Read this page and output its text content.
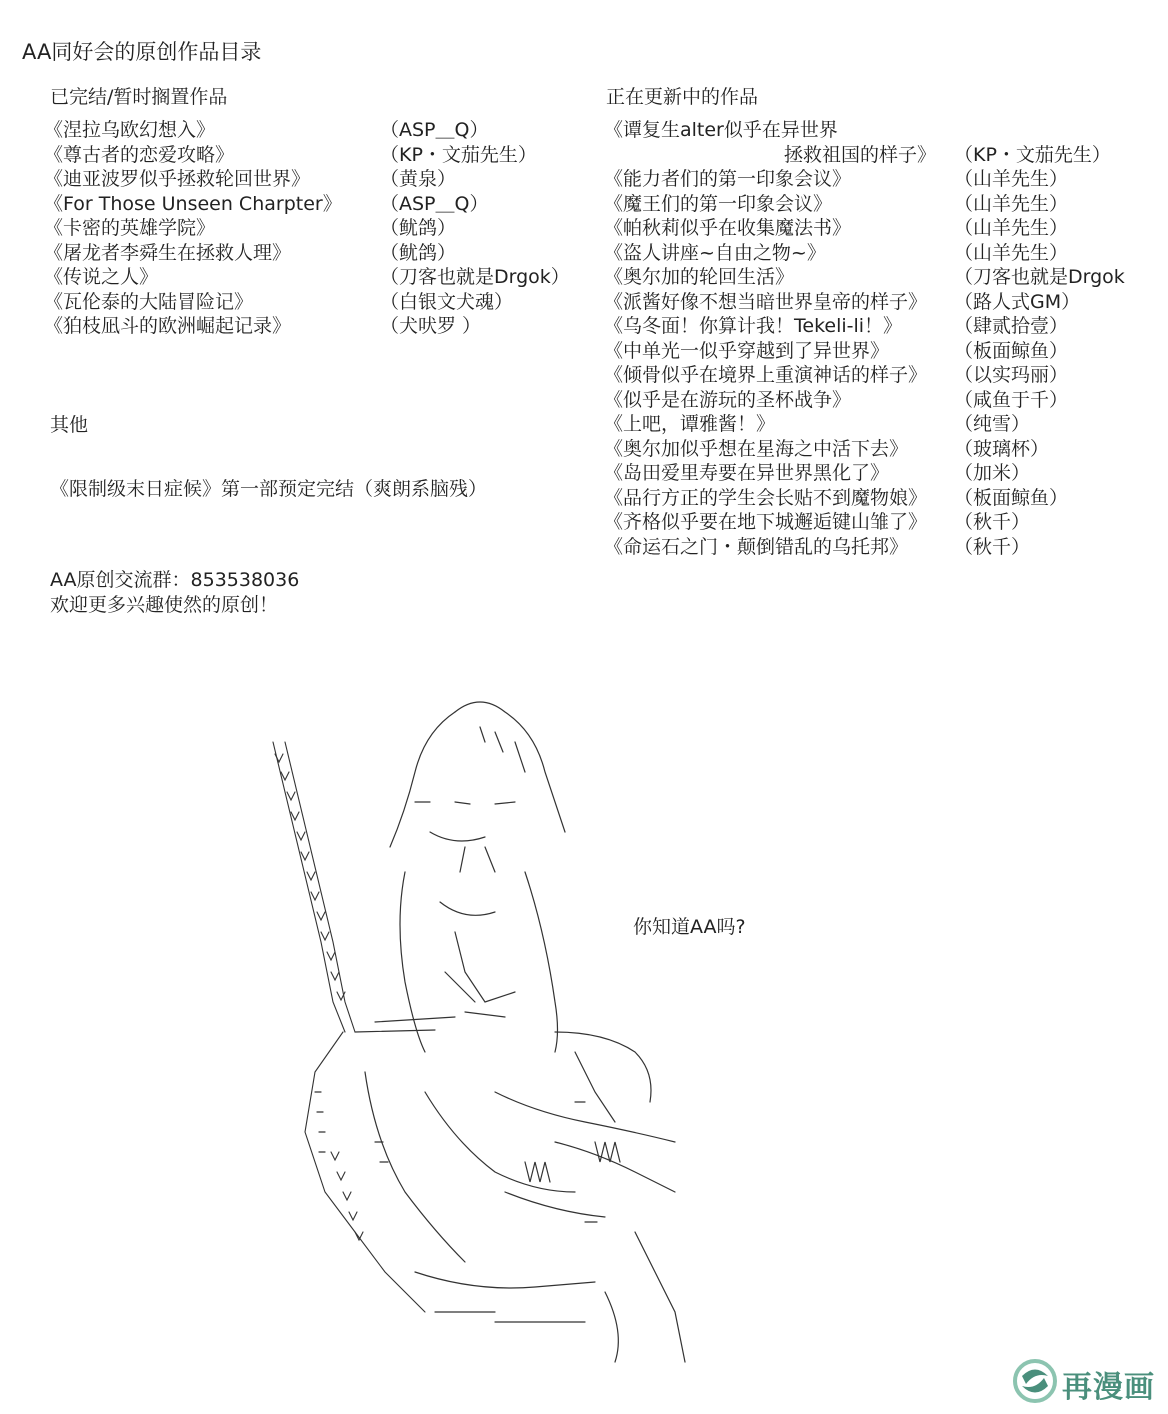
AA同好会的原创作品目录
已完结/暂时搁置作品
《涅拉乌欧幻想入》	（ASP＿Q）
《尊古者的恋爱攻略》	（KP・文茄先生）
《迪亚波罗似乎拯救轮回世界》	（黄泉）
《For Those Unseen Charpter》 （ASP＿Q）
《卡密的英雄学院》	（鱿鸽）
《屠龙者李舜生在拯救人理》	（鱿鸽）
《传说之人》	（刀客也就是Drgok）
《瓦伦泰的大陆冒险记》	（白银文犬魂）
《狛枝凪斗的欧洲崛起记录》	（犬吠罗 ）
正在更新中的作品
《谭复生alter似乎在异世界
拯救祖国的样子》 （KP・文茄先生）
《能力者们的第一印象会议》	（山羊先生）
《魔王们的第一印象会议》	（山羊先生）
《帕秋莉似乎在收集魔法书》	（山羊先生）
《盗人讲座~自由之物~》	（山羊先生）
《奥尔加的轮回生活》	（刀客也就是Drgok
《派酱好像不想当暗世界皇帝的样子》 （路人式GM）
《乌冬面！你算计我！Tekeli-li！》	（肆贰拾壹）
《中单光一似乎穿越到了异世界》	（板面鲸鱼）
《倾骨似乎在境界上重演神话的样子》 （以实玛丽）
《似乎是在游玩的圣杯战争》	（咸鱼于千）
《上吧，谭雅酱！》	（纯雪）
《奥尔加似乎想在星海之中活下去》 （玻璃杯）
《岛田爱里寿要在异世界黑化了》	（加米）
《品行方正的学生会长贴不到魔物娘》 （板面鲸鱼）
《齐格似乎要在地下城邂逅键山雏了》 （秋千）
《命运石之门・颠倒错乱的乌托邦》 （秋千）
其他
《限制级末日症候》第一部预定完结（爽朗系脑残）
AA原创交流群：853538036
欢迎更多兴趣使然的原创！
你知道AA吗?
再漫画
